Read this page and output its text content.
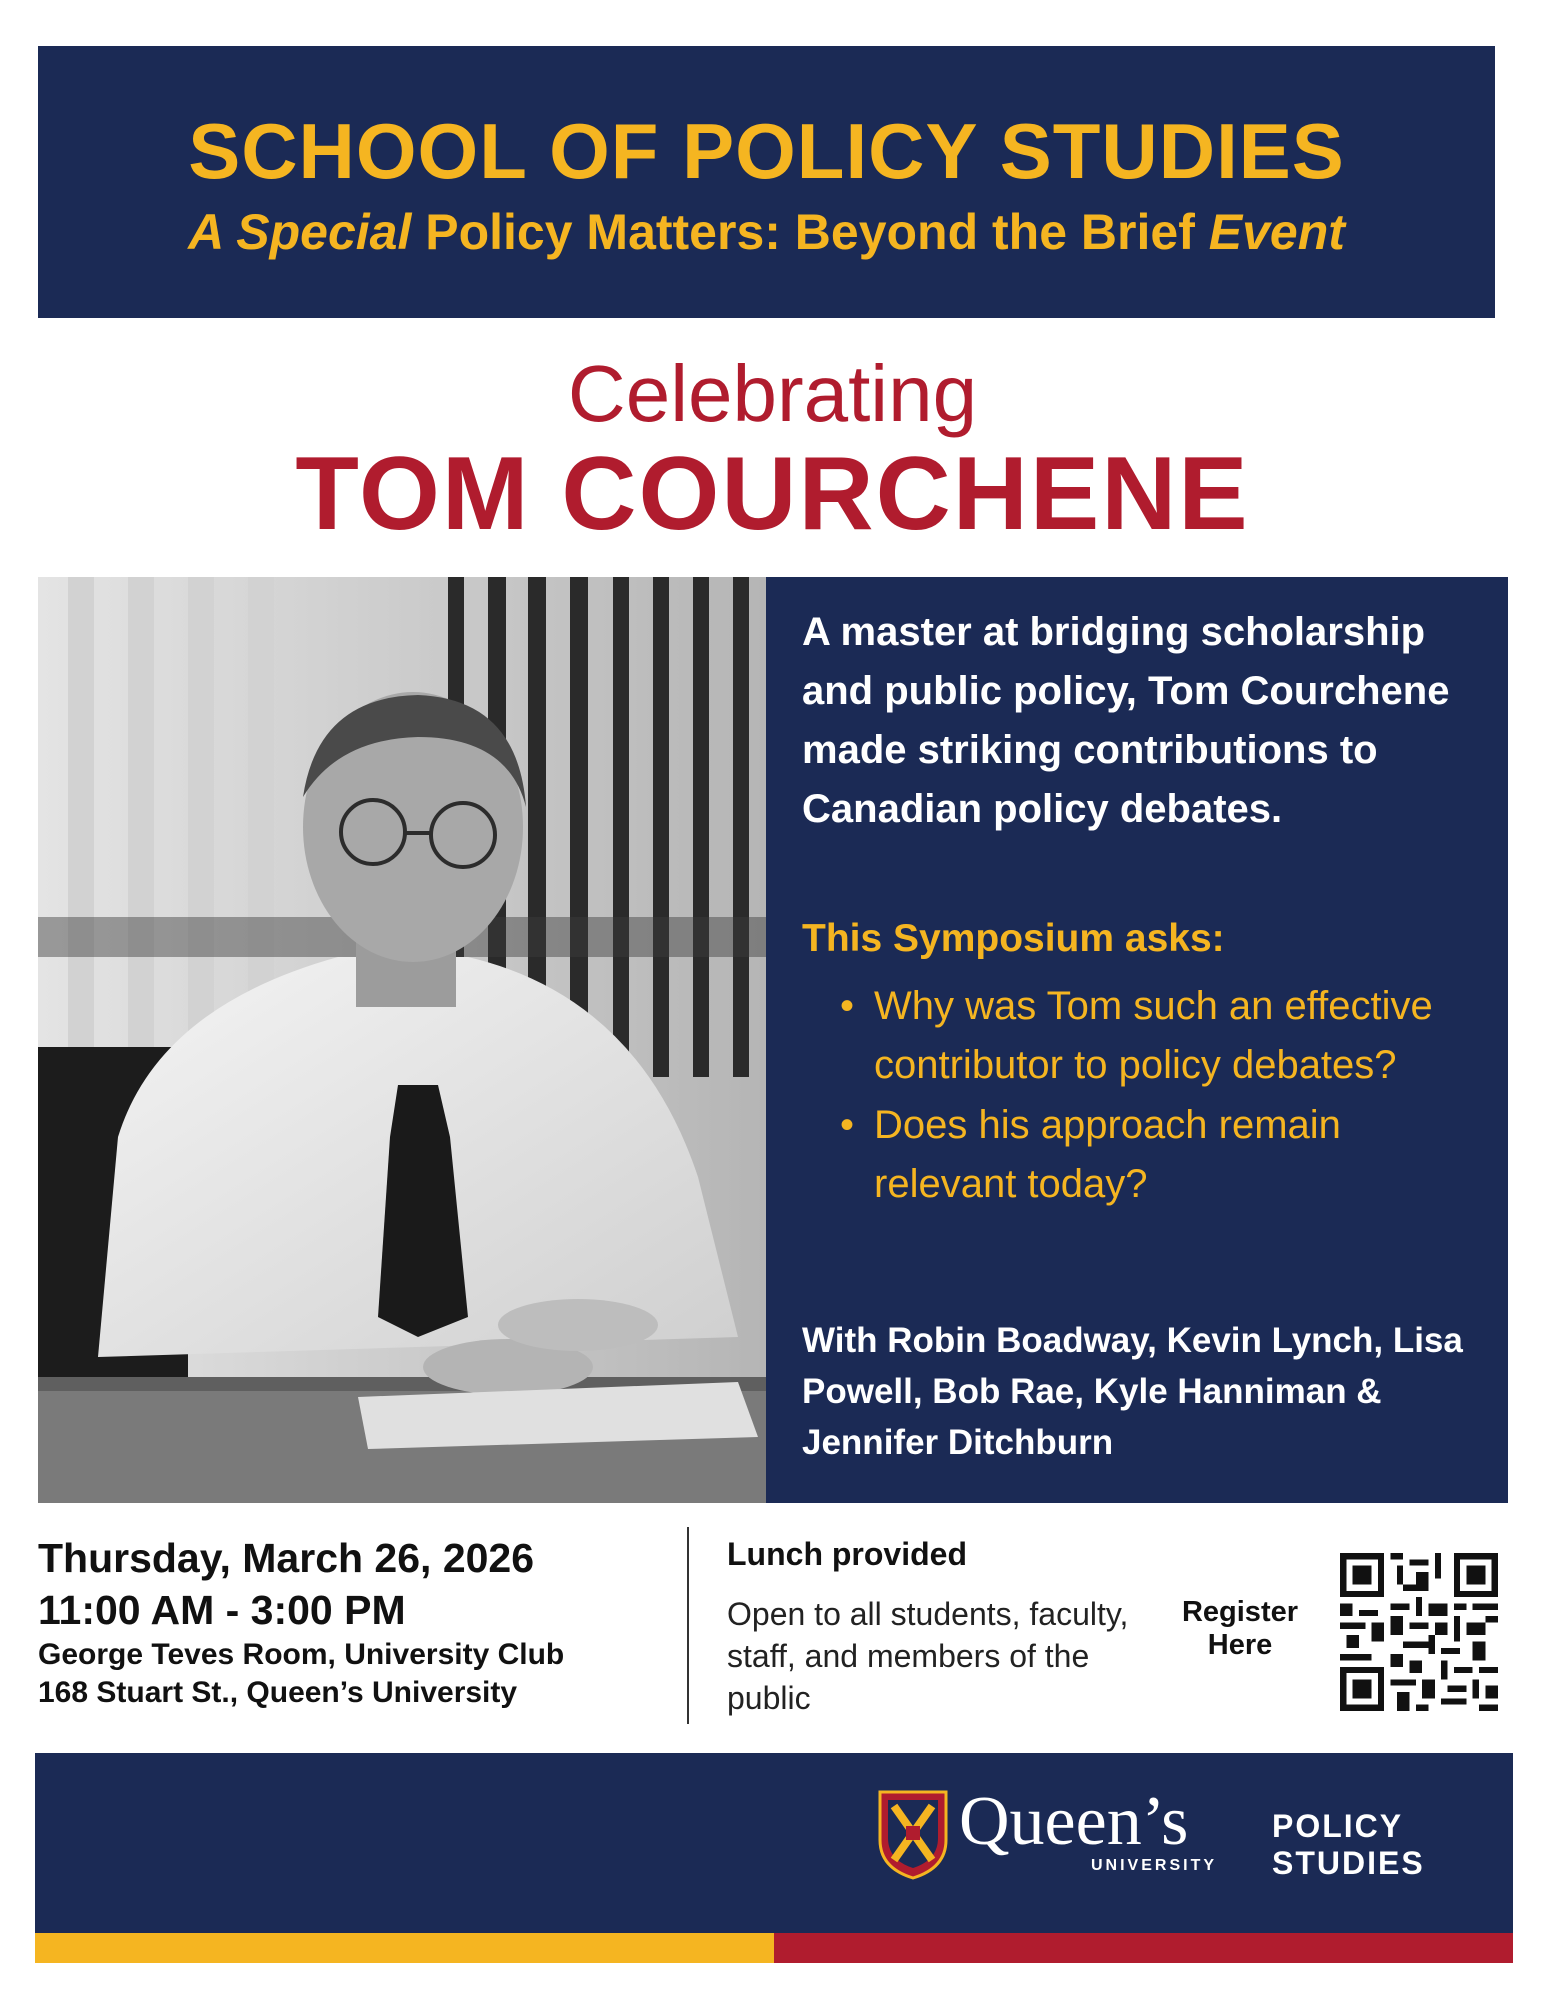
SCHOOL OF POLICY STUDIES
A Special Policy Matters: Beyond the Brief Event
Celebrating
TOM COURCHENE
A master at bridging scholarship and public policy, Tom Courchene made striking contributions to Canadian policy debates.
This Symposium asks:
• Why was Tom such an effective contributor to policy debates?
• Does his approach remain relevant today?
With Robin Boadway, Kevin Lynch, Lisa Powell, Bob Rae, Kyle Hanniman & Jennifer Ditchburn
Thursday, March 26, 2026
11:00 AM - 3:00 PM
George Teves Room, University Club
168 Stuart St., Queen’s University
Lunch provided
Open to all students, faculty, staff, and members of the public
Register Here
Queen’s
UNIVERSITY
POLICY
STUDIES
